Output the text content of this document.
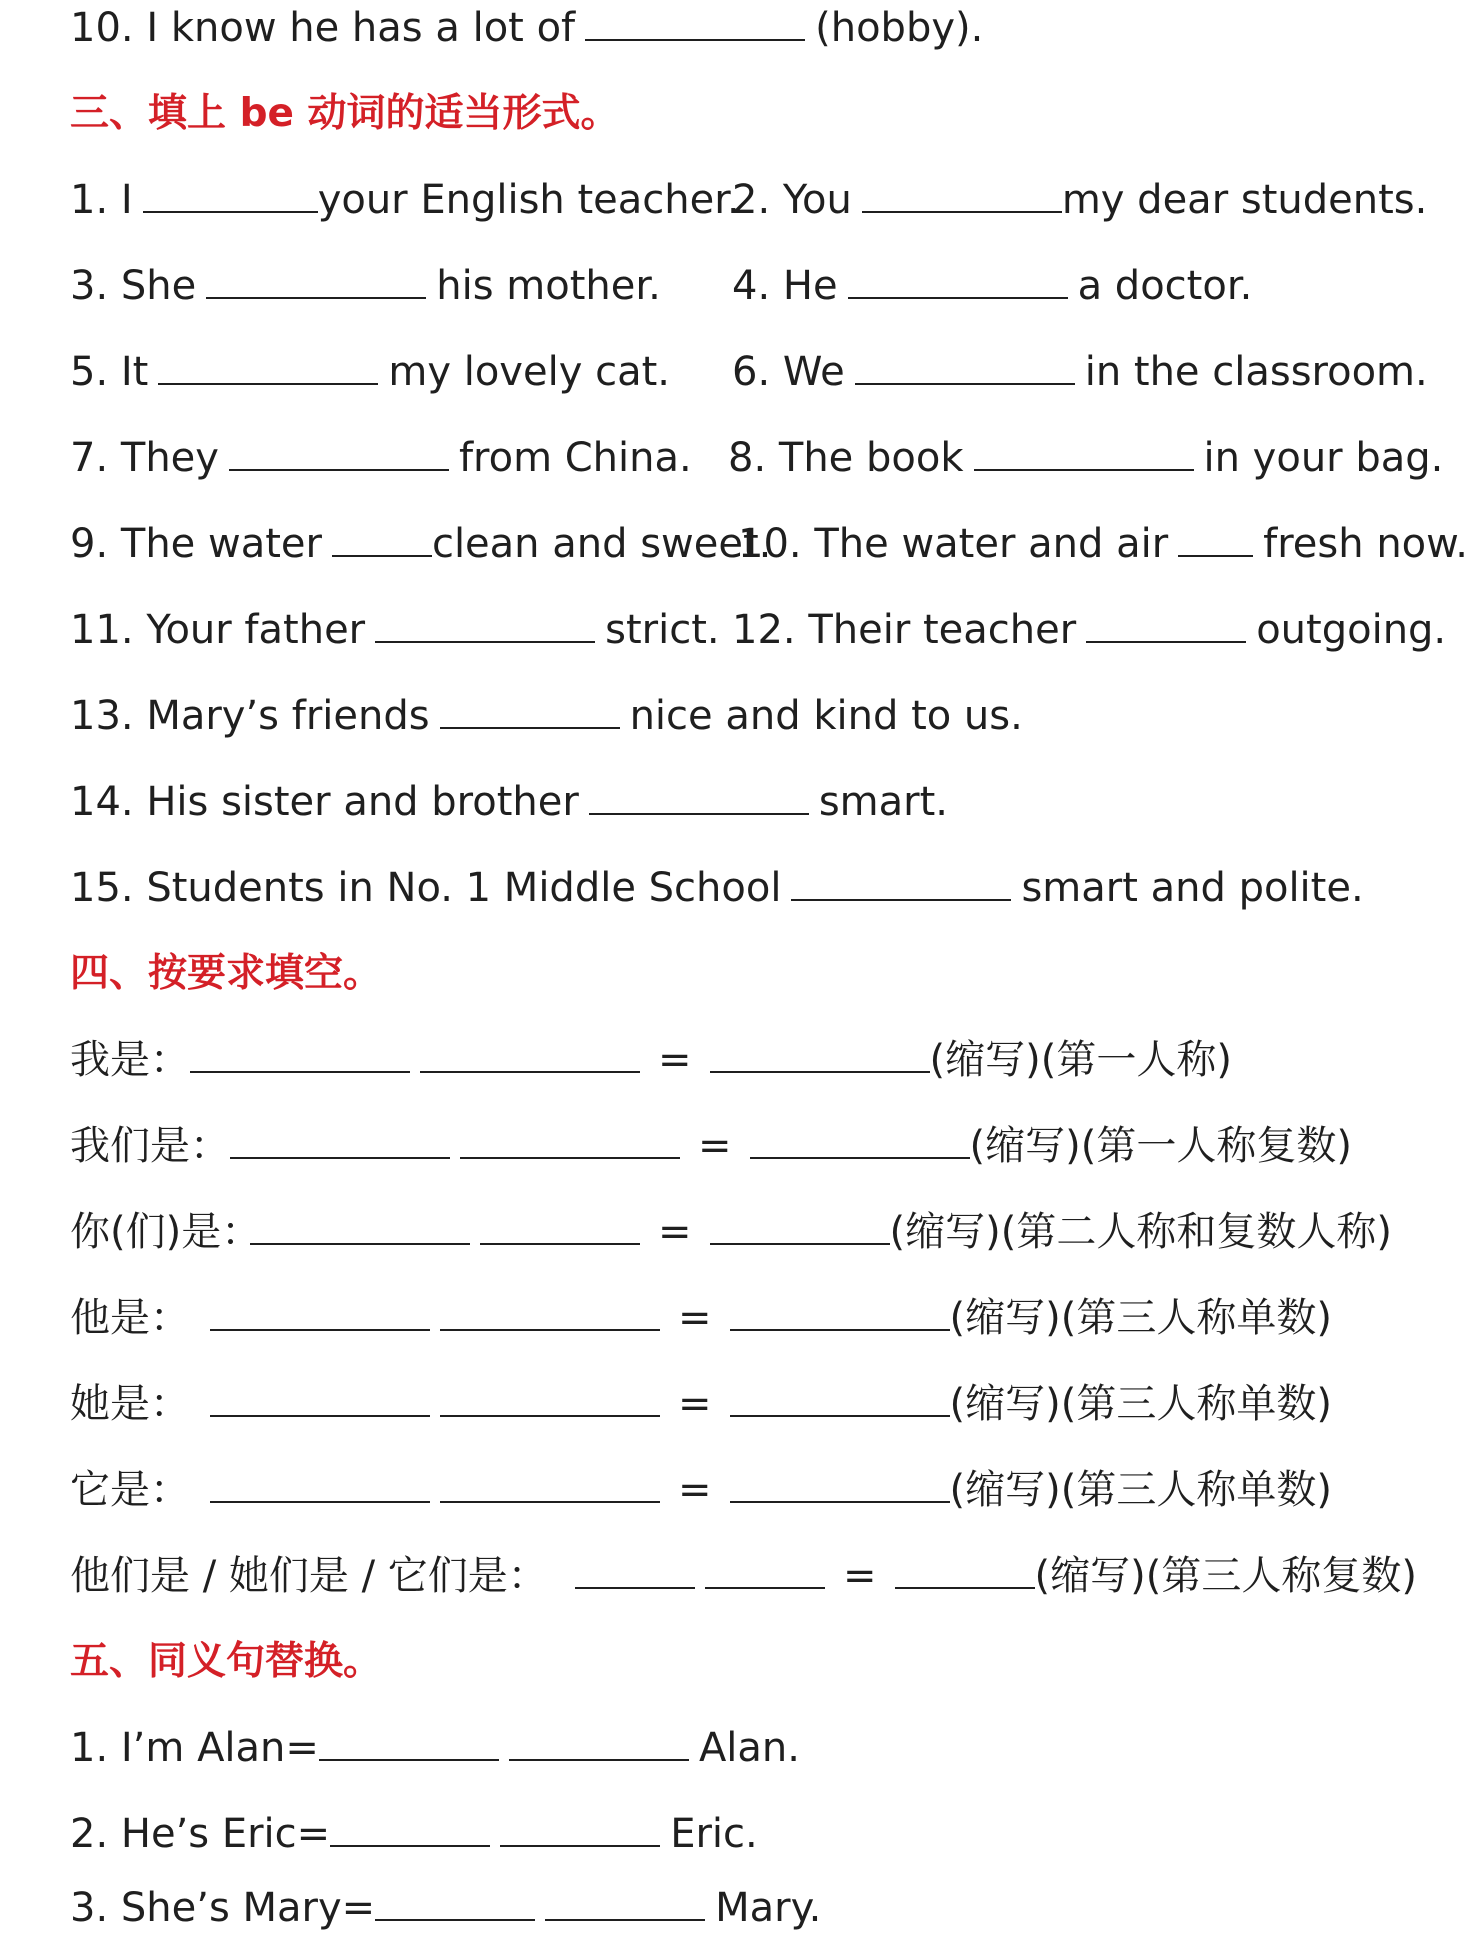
10. I know he has a lot of	(hobby).
三、填上 be 动词的适当形式。
1. I	your English teacher.
2. You	my dear students.
3. She	his mother. 4. He	a doctor.
5. It	my lovely cat. 6. We	in the classroom.
7. They	from China. 8. The book	in your bag.
9. The water	clean and sweet.
10. The water and air fresh now.
11. Your father	strict. 12. Their teacher	outgoing.
13. Mary’s friends	nice and kind to us.
14. His sister and brother	smart.
15. Students in No. 1 Middle School	smart and polite.
四、按要求填空。
我是：	=	(缩写)(第一人称)
我们是：	=	(缩写)(第一人称复数)
你(们)是：	=	(缩写)(第二人称和复数人称)
他是：	=	(缩写)(第三人称单数)
她是：	=	(缩写)(第三人称单数)
它是：	=	(缩写)(第三人称单数)
他们是 / 她们是 / 它们是：	=	(缩写)(第三人称复数)
五、同义句替换。
1. I’m Alan=	Alan.
2. He’s Eric=	Eric.
3. She’s Mary=	Mary.
